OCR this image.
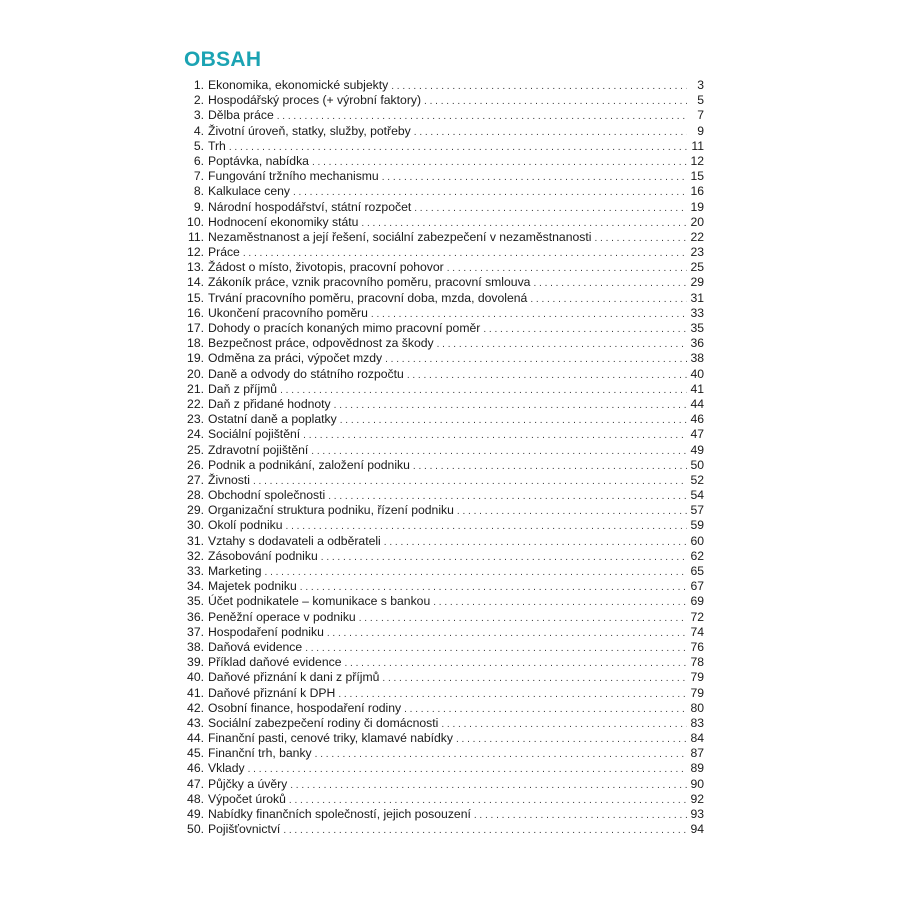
OBSAH
1. Ekonomika, ekonomické subjekty . . .	3
2. Hospodářský proces (+ výrobní faktory) . . .	5
3. Dělba práce . . .	7
4. Životní úroveň, statky, služby, potřeby . . .	9
5. Trh . . .	11
6. Poptávka, nabídka . . .	12
7. Fungování tržního mechanismu . . .	15
8. Kalkulace ceny . . .	16
9. Národní hospodářství, státní rozpočet . . .	19
10. Hodnocení ekonomiky státu . . .	20
11. Nezaměstnanost a její řešení, sociální zabezpečení v nezaměstnanosti . . .	22
12. Práce . . .	23
13. Žádost o místo, životopis, pracovní pohovor . . .	25
14. Zákoník práce, vznik pracovního poměru, pracovní smlouva . . .	29
15. Trvání pracovního poměru, pracovní doba, mzda, dovolená . . .	31
16. Ukončení pracovního poměru . . .	33
17. Dohody o pracích konaných mimo pracovní poměr . . .	35
18. Bezpečnost práce, odpovědnost za škody . . .	36
19. Odměna za práci, výpočet mzdy . . .	38
20. Daně a odvody do státního rozpočtu . . .	40
21. Daň z příjmů . . .	41
22. Daň z přidané hodnoty . . .	44
23. Ostatní daně a poplatky . . .	46
24. Sociální pojištění . . .	47
25. Zdravotní pojištění . . .	49
26. Podnik a podnikání, založení podniku . . .	50
27. Živnosti . . .	52
28. Obchodní společnosti . . .	54
29. Organizační struktura podniku, řízení podniku . . .	57
30. Okolí podniku . . .	59
31. Vztahy s dodavateli a odběrateli . . .	60
32. Zásobování podniku . . .	62
33. Marketing . . .	65
34. Majetek podniku . . .	67
35. Účet podnikatele – komunikace s bankou . . .	69
36. Peněžní operace v podniku . . .	72
37. Hospodaření podniku . . .	74
38. Daňová evidence . . .	76
39. Příklad daňové evidence . . .	78
40. Daňové přiznání k dani z příjmů . . .	79
41. Daňové přiznání k DPH . . .	79
42. Osobní finance, hospodaření rodiny . . .	80
43. Sociální zabezpečení rodiny či domácnosti . . .	83
44. Finanční pasti, cenové triky, klamavé nabídky . . .	84
45. Finanční trh, banky . . .	87
46. Vklady . . .	89
47. Půjčky a úvěry . . .	90
48. Výpočet úroků . . .	92
49. Nabídky finančních společností, jejich posouzení . . .	93
50. Pojišťovnictví . . .	94
